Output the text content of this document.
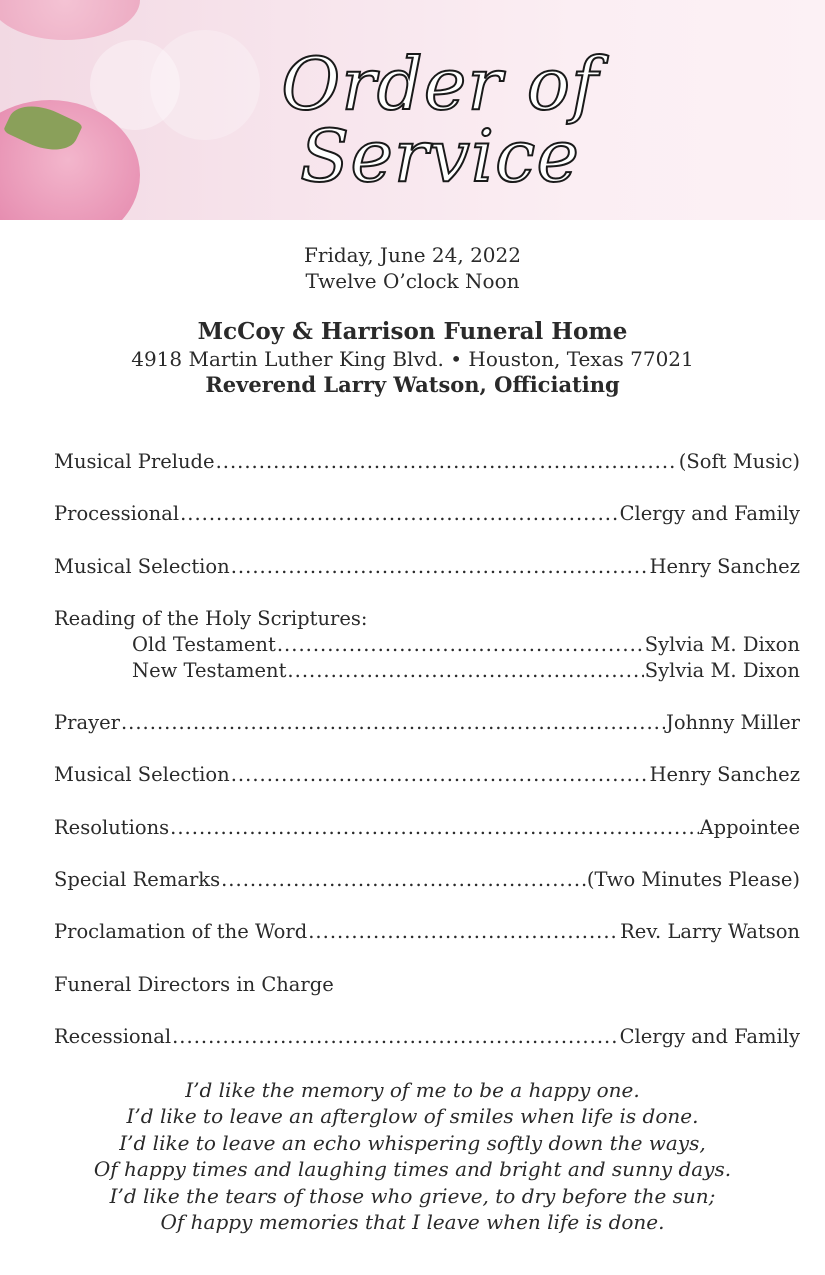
Order of Service
Friday, June 24, 2022
Twelve O’clock Noon
McCoy & Harrison Funeral Home
4918 Martin Luther King Blvd. • Houston, Texas 77021
Reverend Larry Watson, Officiating
Musical Prelude .....	(Soft Music)
Processional .....	Clergy and Family
Musical Selection .....	Henry Sanchez
Reading of the Holy Scriptures:
Old Testament .....	Sylvia M. Dixon
New Testament .....	Sylvia M. Dixon
Prayer .....	Johnny Miller
Musical Selection .....	Henry Sanchez
Resolutions .....	Appointee
Special Remarks .....	(Two Minutes Please)
Proclamation of the Word .....	Rev. Larry Watson
Funeral Directors in Charge
Recessional .....	Clergy and Family
I’d like the memory of me to be a happy one.
I’d like to leave an afterglow of smiles when life is done.
I’d like to leave an echo whispering softly down the ways,
Of happy times and laughing times and bright and sunny days.
I’d like the tears of those who grieve, to dry before the sun;
Of happy memories that I leave when life is done.
